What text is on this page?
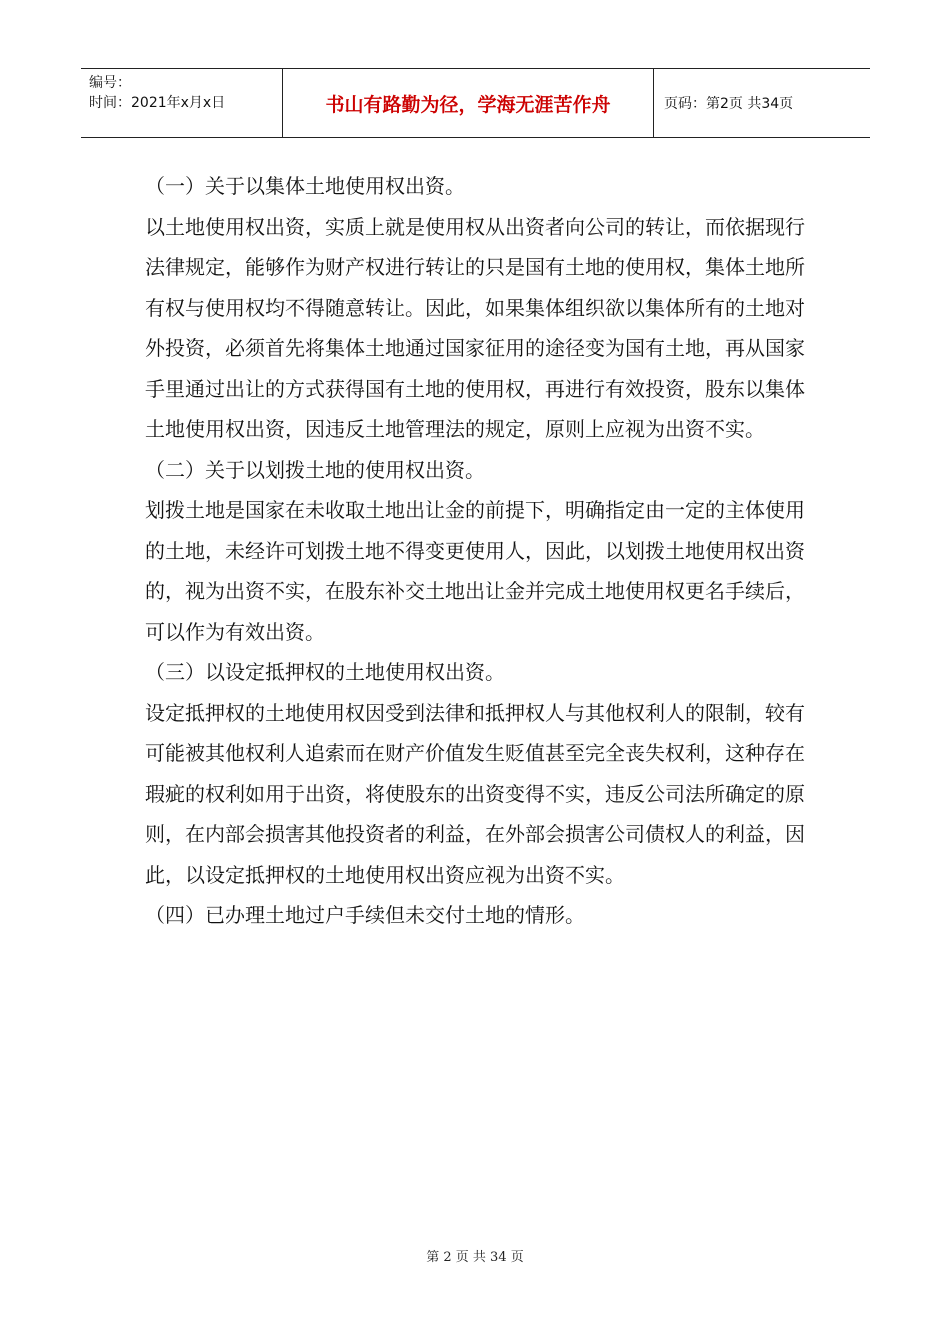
编号：
时间：2021年x月x日	书山有路勤为径，学海无涯苦作舟	页码：第2页 共34页

（一）关于以集体土地使用权出资。

以土地使用权出资，实质上就是使用权从出资者向公司的转让，而依据现行法律规定，能够作为财产权进行转让的只是国有土地的使用权，集体土地所有权与使用权均不得随意转让。因此，如果集体组织欲以集体所有的土地对外投资，必须首先将集体土地通过国家征用的途径变为国有土地，再从国家手里通过出让的方式获得国有土地的使用权，再进行有效投资，股东以集体土地使用权出资，因违反土地管理法的规定，原则上应视为出资不实。

（二）关于以划拨土地的使用权出资。

划拨土地是国家在未收取土地出让金的前提下，明确指定由一定的主体使用的土地，未经许可划拨土地不得变更使用人，因此，以划拨土地使用权出资的，视为出资不实，在股东补交土地出让金并完成土地使用权更名手续后，可以作为有效出资。

（三）以设定抵押权的土地使用权出资。

设定抵押权的土地使用权因受到法律和抵押权人与其他权利人的限制，较有可能被其他权利人追索而在财产价值发生贬值甚至完全丧失权利，这种存在瑕疵的权利如用于出资，将使股东的出资变得不实，违反公司法所确定的原则，在内部会损害其他投资者的利益，在外部会损害公司债权人的利益，因此，以设定抵押权的土地使用权出资应视为出资不实。

（四）已办理土地过户手续但未交付土地的情形。

第 2 页 共 34 页
